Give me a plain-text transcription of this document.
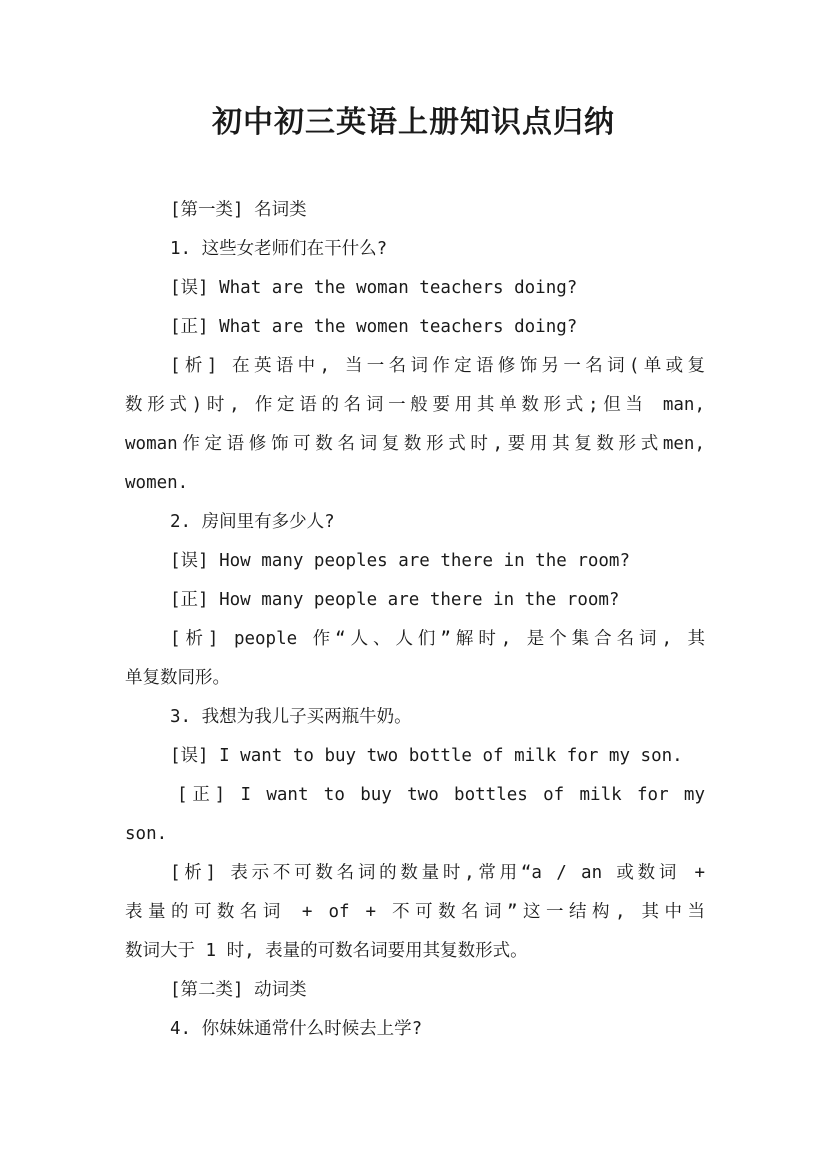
初中初三英语上册知识点归纳
[第一类] 名词类
1. 这些女老师们在干什么?
[误] What are the woman teachers doing?
[正] What are the women teachers doing?
[析] 在英语中, 当一名词作定语修饰另一名词(单或复
数形式)时, 作定语的名词一般要用其单数形式;但当 man,
woman作定语修饰可数名词复数形式时,要用其复数形式men,
women.
2. 房间里有多少人?
[误] How many peoples are there in the room?
[正] How many people are there in the room?
[析] people 作“人、人们”解时, 是个集合名词, 其
单复数同形。
3. 我想为我儿子买两瓶牛奶。
[误] I want to buy two bottle of milk for my son.
[正] I want to buy two bottles of milk for my
son.
[析] 表示不可数名词的数量时,常用“a / an 或数词 +
表量的可数名词 + of + 不可数名词”这一结构, 其中当
数词大于 1 时, 表量的可数名词要用其复数形式。
[第二类] 动词类
4. 你妹妹通常什么时候去上学?
